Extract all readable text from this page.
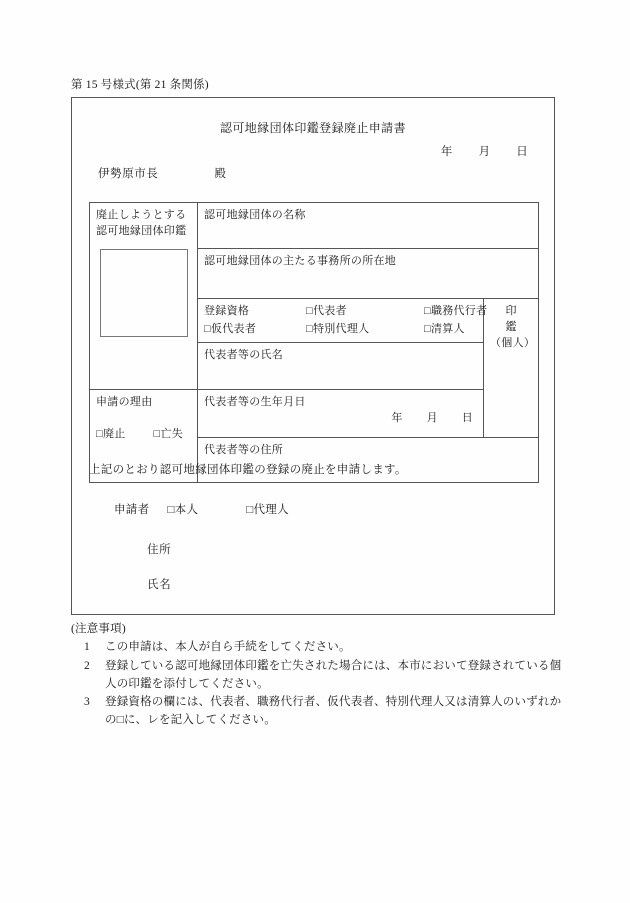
第 15 号様式(第 21 条関係)
認可地縁団体印鑑登録廃止申請書
年 月 日
伊勢原市長	殿
廃止しようとする
認可地縁団体印鑑	認可地縁団体の名称	
	認可地縁団体の主たる事務所の所在地	

登録資格	□代表者	□職務代行者
□仮代表者	□特別代理人	□清算人

印鑑
（個人）

	代表者等の氏名	

申請の理由
□廃止 □亡失	代表者等の生年月日
年 月 日	

	代表者等の住所	
上記のとおり認可地縁団体印鑑の登録の廃止を申請します。
申請者 □本人	□代理人
住所
氏名
(注意事項)
1	この申請は、本人が自ら手続をしてください。
2	登録している認可地縁団体印鑑を亡失された場合には、本市において登録されている個人の印鑑を添付してください。
3	登録資格の欄には、代表者、職務代行者、仮代表者、特別代理人又は清算人のいずれかの□に、レを記入してください。
